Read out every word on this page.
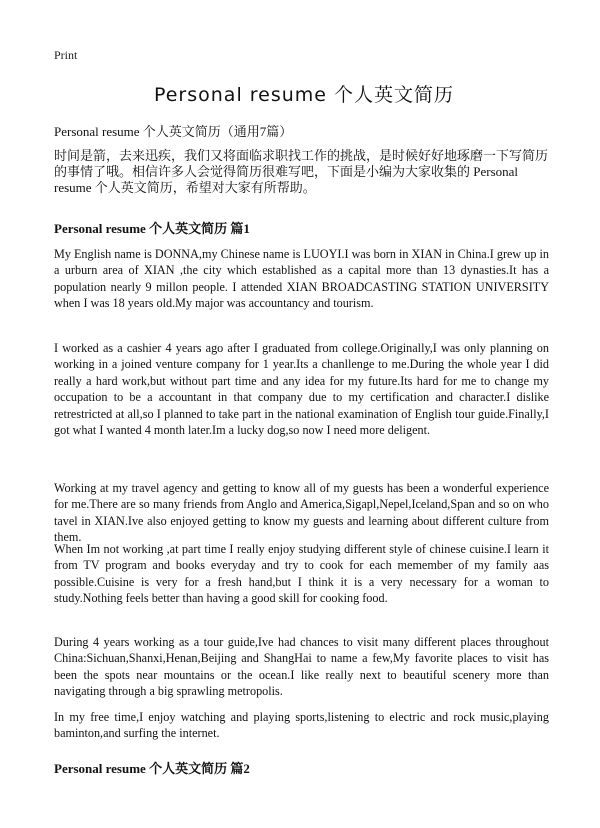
Print
Personal resume 个人英文简历

Personal resume 个人英文简历（通用7篇）

时间是箭，去来迅疾，我们又将面临求职找工作的挑战，是时候好好地琢磨一下写简历的事情了哦。相信许多人会觉得简历很难写吧，下面是小编为大家收集的 Personal resume 个人英文简历，希望对大家有所帮助。

Personal resume 个人英文简历 篇1

My English name is DONNA,my Chinese name is LUOYI.I was born in XIAN in China.I grew up in a urburn area of XIAN ,the city which established as a capital more than 13 dynasties.It has a population nearly 9 millon people. I attended XIAN BROADCASTING STATION UNIVERSITY when I was 18 years old.My major was accountancy and tourism.

I worked as a cashier 4 years ago after I graduated from college.Originally,I was only planning on working in a joined venture company for 1 year.Its a chanllenge to me.During the whole year I did really a hard work,but without part time and any idea for my future.Its hard for me to change my occupation to be a accountant in that company due to my certification and character.I dislike retrestricted at all,so I planned to take part in the national examination of English tour guide.Finally,I got what I wanted 4 month later.Im a lucky dog,so now I need more deligent.

Working at my travel agency and getting to know all of my guests has been a wonderful experience for me.There are so many friends from Anglo and America,Sigapl,Nepel,Iceland,Span and so on who tavel in XIAN.Ive also enjoyed getting to know my guests and learning about different culture from them.

When Im not working ,at part time I really enjoy studying different style of chinese cuisine.I learn it from TV program and books everyday and try to cook for each memember of my family aas possible.Cuisine is very for a fresh hand,but I think it is a very necessary for a woman to study.Nothing feels better than having a good skill for cooking food.

During 4 years working as a tour guide,Ive had chances to visit many different places throughout China:Sichuan,Shanxi,Henan,Beijing and ShangHai to name a few,My favorite places to visit has been the spots near mountains or the ocean.I like really next to beautiful scenery more than navigating through a big sprawling metropolis.

In my free time,I enjoy watching and playing sports,listening to electric and rock music,playing baminton,and surfing the internet.

Personal resume 个人英文简历 篇2
